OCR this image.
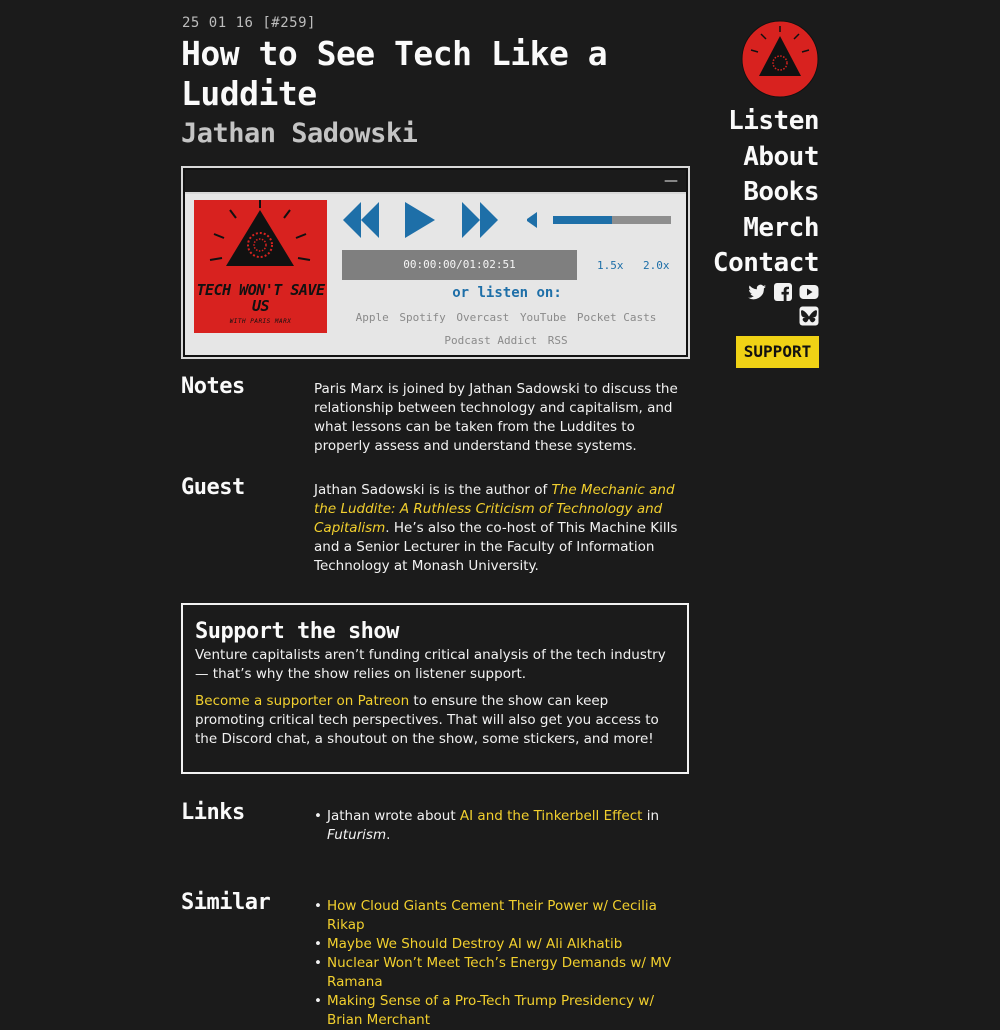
25 01 16 [#259]
How to See Tech Like a Luddite
Jathan Sadowski
—
TECH WON'T SAVE US
WITH PARIS MARX
00:00:00/01:02:51	1.5x 2.0x
or listen on:
Apple Spotify Overcast YouTube Pocket Casts
Podcast Addict RSS
Notes	Paris Marx is joined by Jathan Sadowski to discuss the relationship between technology and capitalism, and what lessons can be taken from the Luddites to properly assess and understand these systems.

Guest	Jathan Sadowski is is the author of The Mechanic and the Luddite: A Ruthless Criticism of Technology and Capitalism. He’s also the co-host of This Machine Kills and a Senior Lecturer in the Faculty of Information Technology at Monash University.

Support the show

Venture capitalists aren’t funding critical analysis of the tech industry — that’s why the show relies on listener support.

Become a supporter on Patreon to ensure the show can keep promoting critical tech perspectives. That will also get you access to the Discord chat, a shoutout on the show, some stickers, and more!

Links	• Jathan wrote about AI and the Tinkerbell Effect in Futurism.
Similar	• How Cloud Giants Cement Their Power w/ Cecilia Rikap
• Maybe We Should Destroy AI w/ Ali Alkhatib
• Nuclear Won’t Meet Tech’s Energy Demands w/ MV Ramana
• Making Sense of a Pro-Tech Trump Presidency w/ Brian Merchant
Listen
About
Books
Merch
Contact
SUPPORT
